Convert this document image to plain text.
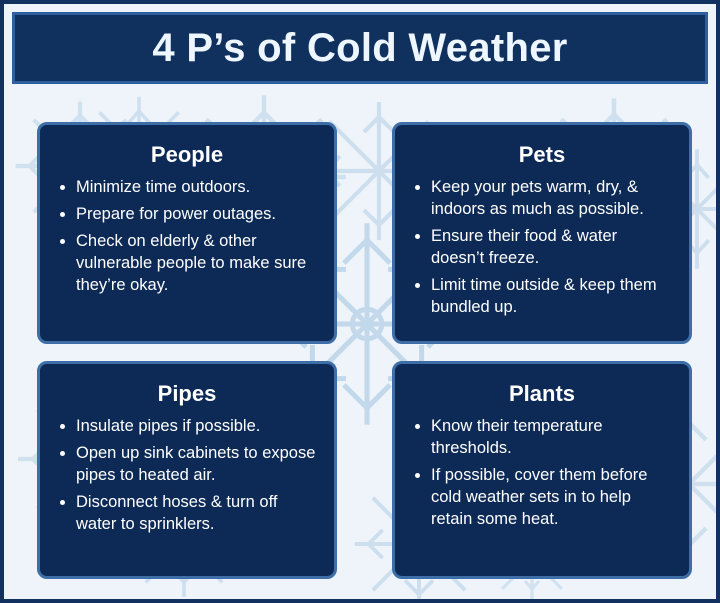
4 P’s of Cold Weather
People
Minimize time outdoors.
Prepare for power outages.
Check on elderly & other vulnerable people to make sure they’re okay.
Pets
Keep your pets warm, dry, & indoors as much as possible.
Ensure their food & water doesn’t freeze.
Limit time outside & keep them bundled up.
Pipes
Insulate pipes if possible.
Open up sink cabinets to expose pipes to heated air.
Disconnect hoses & turn off water to sprinklers.
Plants
Know their temperature thresholds.
If possible, cover them before cold weather sets in to help retain some heat.
